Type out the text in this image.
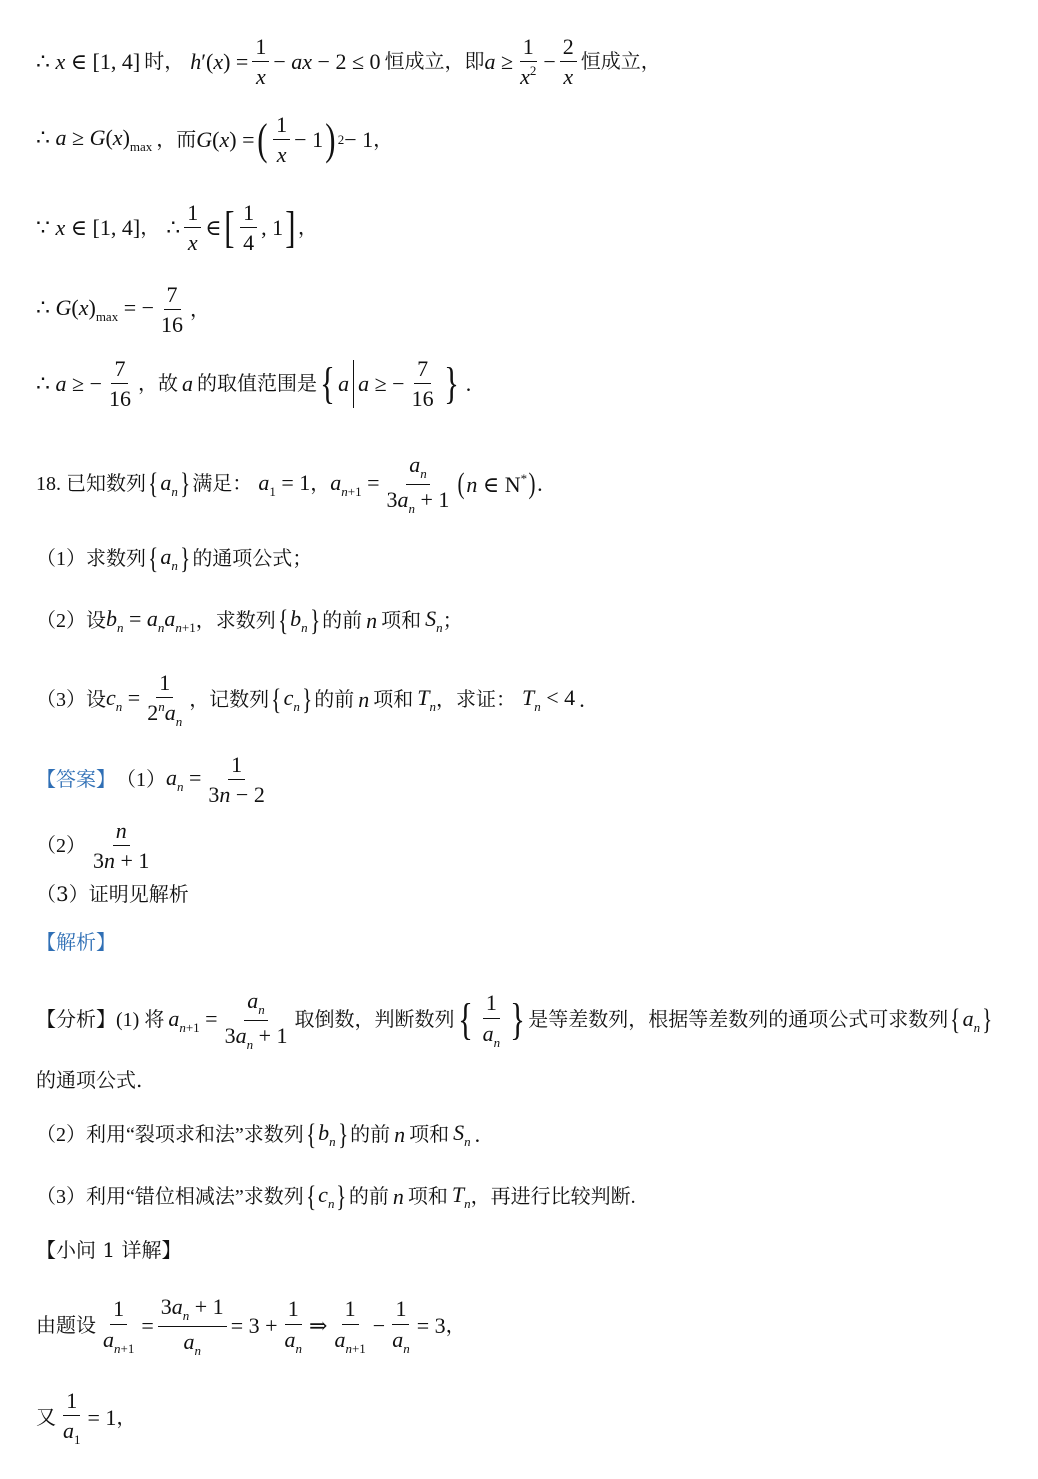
∴ x ∈ [1, 4] 时， $h'(x) = \frac{1}{x}$ − ax − 2 ≤ 0 恒成立，即 $a \ge \frac{1}{x^2} - \frac{2}{x}$ 恒成立，
∴ $a \ge G(x)_{max}$ ，而 G(x) = ( $\frac{1}{x} - 1$ ) 2 − 1 ，
∵ x ∈ [1, 4] ， ∴ $\frac{1}{x}$ ∈ [ $\frac{1}{4}$ , 1 ] ，
∴ $G(x)_{max}$ = − $\frac{7}{16}$ ，
∴ a ≥ − $\frac{7}{16}$ ，故 a 的取值范围是 { a a ≥ − $\frac{7}{16}$ } .
18. 已知数列 { $a_n$ } 满足： $a_1 = 1$ ， $a_{n+1} = \frac{a_n}{3a_n + 1}$ ( n ∈ N* ) .
（1）求数列 { $a_n$ } 的通项公式；
（2）设 $b_n = a_na_{n+1}$ ，求数列 { $b_n$ } 的前 n 项和 $S_n$ ；
（3）设 $c_n = \frac{1}{2^na_n}$ ，记数列 { $c_n$ } 的前 n 项和 $T_n$ ，求证： $T_n < 4$ .
【答案】 （1） $a_n = \frac{1}{3n - 2}$
$(2) \frac{n}{3n + 1}$
（3）证明见解析
【解析】
【分析】 (1) 将 $a_{n+1} = \frac{a_n}{3a_n + 1}$ 取倒数，判断数列 { $\frac{1}{a_n}$ } 是等差数列，根据等差数列的通项公式可求数列 { $a_n$ }
的通项公式.
（2）利用“裂项求和法”求数列 { $b_n$ } 的前 n 项和 $S_n$ .
（3）利用“错位相减法”求数列 { $c_n$ } 的前 n 项和 $T_n$ ，再进行比较判断.
【小问 1 详解】
由题设 $\frac{1}{a_{n+1}} = \frac{3a_n + 1}{a_n} = 3 + \frac{1}{a_n}$ ⇒ $\frac{1}{a_{n+1}} - \frac{1}{a_n} = 3$ ，
又 $\frac{1}{a_1} = 1$ ，
